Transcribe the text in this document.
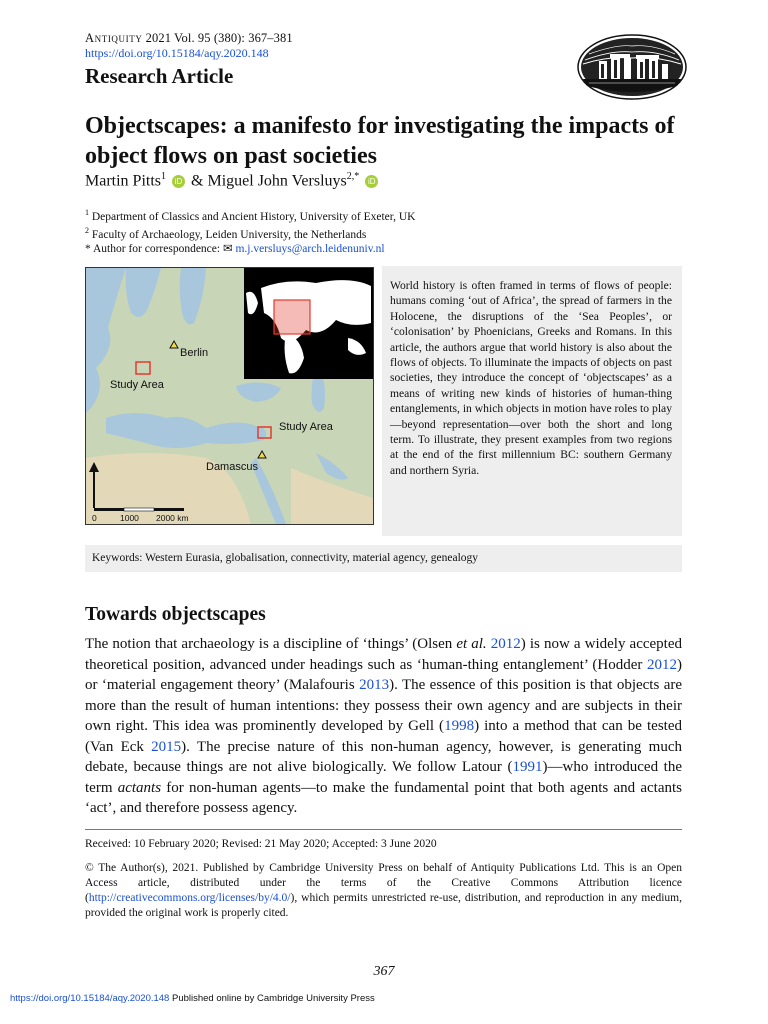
Antiquity 2021 Vol. 95 (380): 367–381
https://doi.org/10.15184/aqy.2020.148
Research Article
Objectscapes: a manifesto for investigating the impacts of object flows on past societies
Martin Pitts$^1$ iD & Miguel John Versluys$^{2,*}$ iD
$^1$ Department of Classics and Ancient History, University of Exeter, UK
$^2$ Faculty of Archaeology, Leiden University, the Netherlands
* Author for correspondence: ✉ m.j.versluys@arch.leidenuniv.nl
Berlin
Study Area
Study Area
Damascus
0	1000 2000 km

World history is often framed in terms of flows of people: humans coming ‘out of Africa’, the spread of farmers in the Holocene, the disruptions of the ‘Sea Peoples’, or ‘colonisation’ by Phoenicians, Greeks and Romans. In this article, the authors argue that world history is also about the flows of objects. To illuminate the impacts of objects on past societies, they introduce the concept of ‘objectscapes’ as a means of writing new kinds of histories of human-thing entanglements, in which objects in motion have roles to play—beyond representation—over both the short and long term. To illustrate, they present examples from two regions at the end of the first millennium BC: southern Germany and northern Syria.

Keywords: Western Eurasia, globalisation, connectivity, material agency, genealogy
Towards objectscapes

The notion that archaeology is a discipline of ‘things’ (Olsen et al. 2012) is now a widely accepted theoretical position, advanced under headings such as ‘human-thing entanglement’ (Hodder 2012) or ‘material engagement theory’ (Malafouris 2013). The essence of this position is that objects are more than the result of human intentions: they possess their own agency and are subjects in their own right. This idea was prominently developed by Gell (1998) into a method that can be tested (Van Eck 2015). The precise nature of this non-human agency, however, is generating much debate, because things are not alive biologically. We follow Latour (1991)—who introduced the term actants for non-human agents—to make the fundamental point that both agents and actants ‘act’, and therefore possess agency.

Received: 10 February 2020; Revised: 21 May 2020; Accepted: 3 June 2020
© The Author(s), 2021. Published by Cambridge University Press on behalf of Antiquity Publications Ltd. This is an Open Access article, distributed under the terms of the Creative Commons Attribution licence (http://creativecommons.org/licenses/by/4.0/), which permits unrestricted re-use, distribution, and reproduction in any medium, provided the original work is properly cited.
367
https://doi.org/10.15184/aqy.2020.148 Published online by Cambridge University Press
